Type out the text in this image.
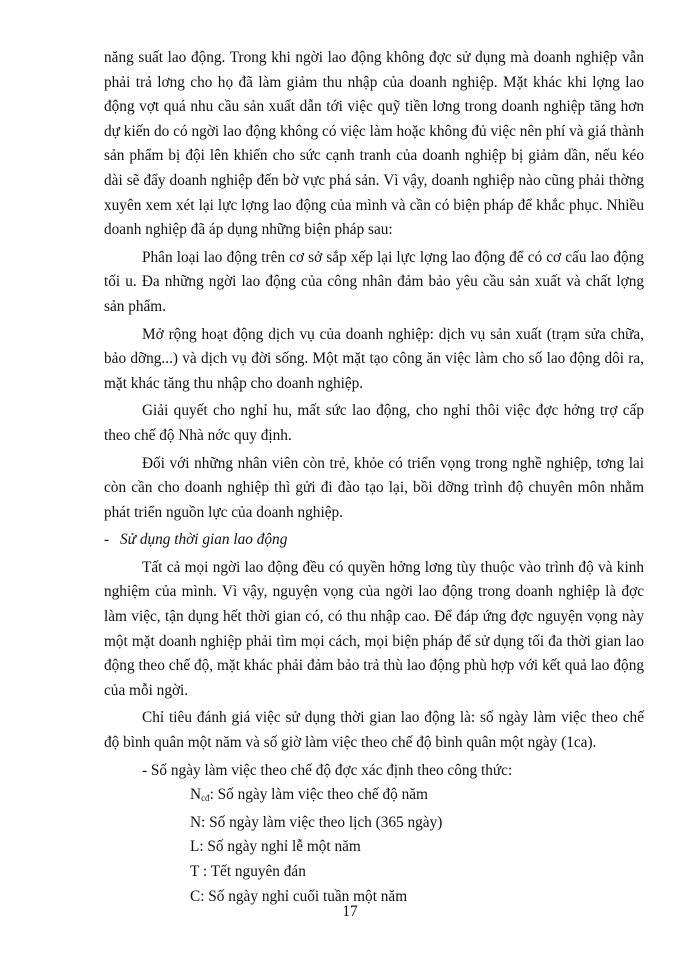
năng suất lao động. Trong khi ngời lao động không đợc sử dụng mà doanh nghiệp vẫn phải trả lơng cho họ đã làm giảm thu nhập của doanh nghiệp. Mặt khác khi lợng lao động vợt quá nhu cầu sản xuất dẫn tới việc quỹ tiền lơng trong doanh nghiệp tăng hơn dự kiến do có ngời lao động không có việc làm hoặc không đủ việc nên phí và giá thành sản phẩm bị đội lên khiến cho sức cạnh tranh của doanh nghiệp bị giảm dần, nếu kéo dài sẽ đẩy doanh nghiệp đến bờ vực phá sản. Vì vậy, doanh nghiệp nào cũng phải thờng xuyên xem xét lại lực lợng lao động của mình và cần có biện pháp để khắc phục. Nhiều doanh nghiệp đã áp dụng những biện pháp sau:

Phân loại lao động trên cơ sở sắp xếp lại lực lợng lao động để có cơ cấu lao động tối u. Đa những ngời lao động của công nhân đảm bảo yêu cầu sản xuất và chất lợng sản phẩm.

Mở rộng hoạt động dịch vụ của doanh nghiệp: dịch vụ sản xuất (trạm sửa chữa, bảo dỡng...) và dịch vụ đời sống. Một mặt tạo công ăn việc làm cho số lao động dôi ra, mặt khác tăng thu nhập cho doanh nghiệp.

Giải quyết cho nghỉ hu, mất sức lao động, cho nghỉ thôi việc đợc hởng trợ cấp theo chế độ Nhà nớc quy định.

Đối với những nhân viên còn trẻ, khỏe có triển vọng trong nghề nghiệp, tơng lai còn cần cho doanh nghiệp thì gửi đi đào tạo lại, bồi dỡng trình độ chuyên môn nhằm phát triển nguồn lực của doanh nghiệp.

- Sử dụng thời gian lao động

Tất cả mọi ngời lao động đều có quyền hởng lơng tùy thuộc vào trình độ và kinh nghiệm của mình. Vì vậy, nguyện vọng của ngời lao động trong doanh nghiệp là đợc làm việc, tận dụng hết thời gian có, có thu nhập cao. Để đáp ứng đợc nguyện vọng này một mặt doanh nghiệp phải tìm mọi cách, mọi biện pháp để sử dụng tối đa thời gian lao động theo chế độ, mặt khác phải đảm bảo trả thù lao động phù hợp với kết quả lao động của mỗi ngời.

Chỉ tiêu đánh giá việc sử dụng thời gian lao động là: số ngày làm việc theo chế độ bình quân một năm và số giờ làm việc theo chế độ bình quân một ngày (1ca).

- Số ngày làm việc theo chế độ đợc xác định theo công thức:
$N_{cđ}$: Số ngày làm việc theo chế độ năm
N: Số ngày làm việc theo lịch (365 ngày)
L: Số ngày nghỉ lễ một năm
T : Tết nguyên đán
C: Số ngày nghỉ cuối tuần một năm
17
